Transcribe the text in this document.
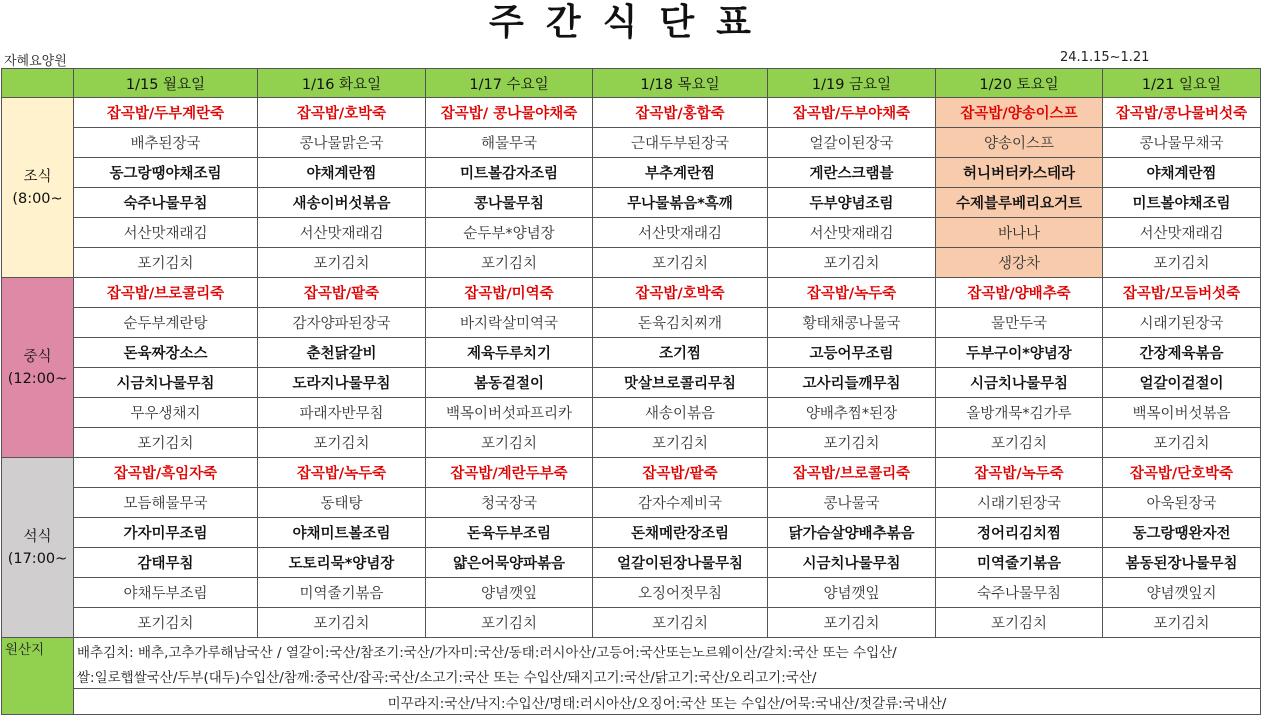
주간식단표
자혜요양원	24.1.15~1.21
	1/15 월요일	1/16 화요일	1/17 수요일	1/18 목요일	1/19 금요일	1/20 토요일	1/21 일요일

조식
(8:00~	잡곡밥/두부계란죽	잡곡밥/호박죽	잡곡밥/ 콩나물야채죽	잡곡밥/홍합죽	잡곡밥/두부야채죽	잡곡밥/양송이스프	잡곡밥/콩나물버섯죽
	배추된장국	콩나물맑은국	해물무국	근대두부된장국	얼갈이된장국	양송이스프	콩나물무채국
	동그랑땡야채조림	야채계란찜	미트볼감자조림	부추계란찜	게란스크램블	허니버터카스테라	야채계란찜
	숙주나물무침	새송이버섯볶음	콩나물무침	무나물볶음*흑깨	두부양념조림	수제블루베리요거트	미트볼야채조림
	서산맛재래김	서산맛재래김	순두부*양념장	서산맛재래김	서산맛재래김	바나나	서산맛재래김
	포기김치	포기김치	포기김치	포기김치	포기김치	생강차	포기김치

중식
(12:00~	잡곡밥/브로콜리죽	잡곡밥/팥죽	잡곡밥/미역죽	잡곡밥/호박죽	잡곡밥/녹두죽	잡곡밥/양배추죽	잡곡밥/모듬버섯죽
	순두부계란탕	감자양파된장국	바지락살미역국	돈육김치찌개	황태채콩나물국	물만두국	시래기된장국
	돈육짜장소스	춘천닭갈비	제육두루치기	조기찜	고등어무조림	두부구이*양념장	간장제육볶음
	시금치나물무침	도라지나물무침	봄동겉절이	맛살브로콜리무침	고사리들깨무침	시금치나물무침	얼갈이겉절이
	무우생채지	파래자반무침	백목이버섯파프리카	새송이볶음	양배추찜*된장	올방개묵*김가루	백목이버섯볶음
	포기김치	포기김치	포기김치	포기김치	포기김치	포기김치	포기김치

석식
(17:00~	잡곡밥/흑임자죽	잡곡밥/녹두죽	잡곡밥/계란두부죽	잡곡밥/팥죽	잡곡밥/브로콜리죽	잡곡밥/녹두죽	잡곡밥/단호박죽
	모듬해물무국	동태탕	청국장국	감자수제비국	콩나물국	시래기된장국	아욱된장국
	가자미무조림	야채미트볼조림	돈육두부조림	돈채메란장조림	닭가슴살양배추볶음	정어리김치찜	동그랑땡완자전
	감태무침	도토리묵*양념장	얇은어묵양파볶음	얼갈이된장나물무침	시금치나물무침	미역줄기볶음	봄동된장나물무침
	야채두부조림	미역줄기볶음	양념깻잎	오징어젓무침	양념깻잎	숙주나물무침	양념깻잎지
	포기김치	포기김치	포기김치	포기김치	포기김치	포기김치	포기김치
원산지	배추김치: 배추,고추가루해남국산 / 열갈이:국산/참조기:국산/가자미:국산/동태:러시아산/고등어:국산또는노르웨이산/갈치:국산 또는 수입산/						
	쌀:일로햅쌀국산/두부(대두)수입산/참깨:중국산/잡곡:국산/소고기:국산 또는 수입산/돼지고기:국산/닭고기:국산/오리고기:국산/						
	미꾸라지:국산/낙지:수입산/명태:러시아산/오징어:국산 또는 수입산/어묵:국내산/젓갈류:국내산/						
